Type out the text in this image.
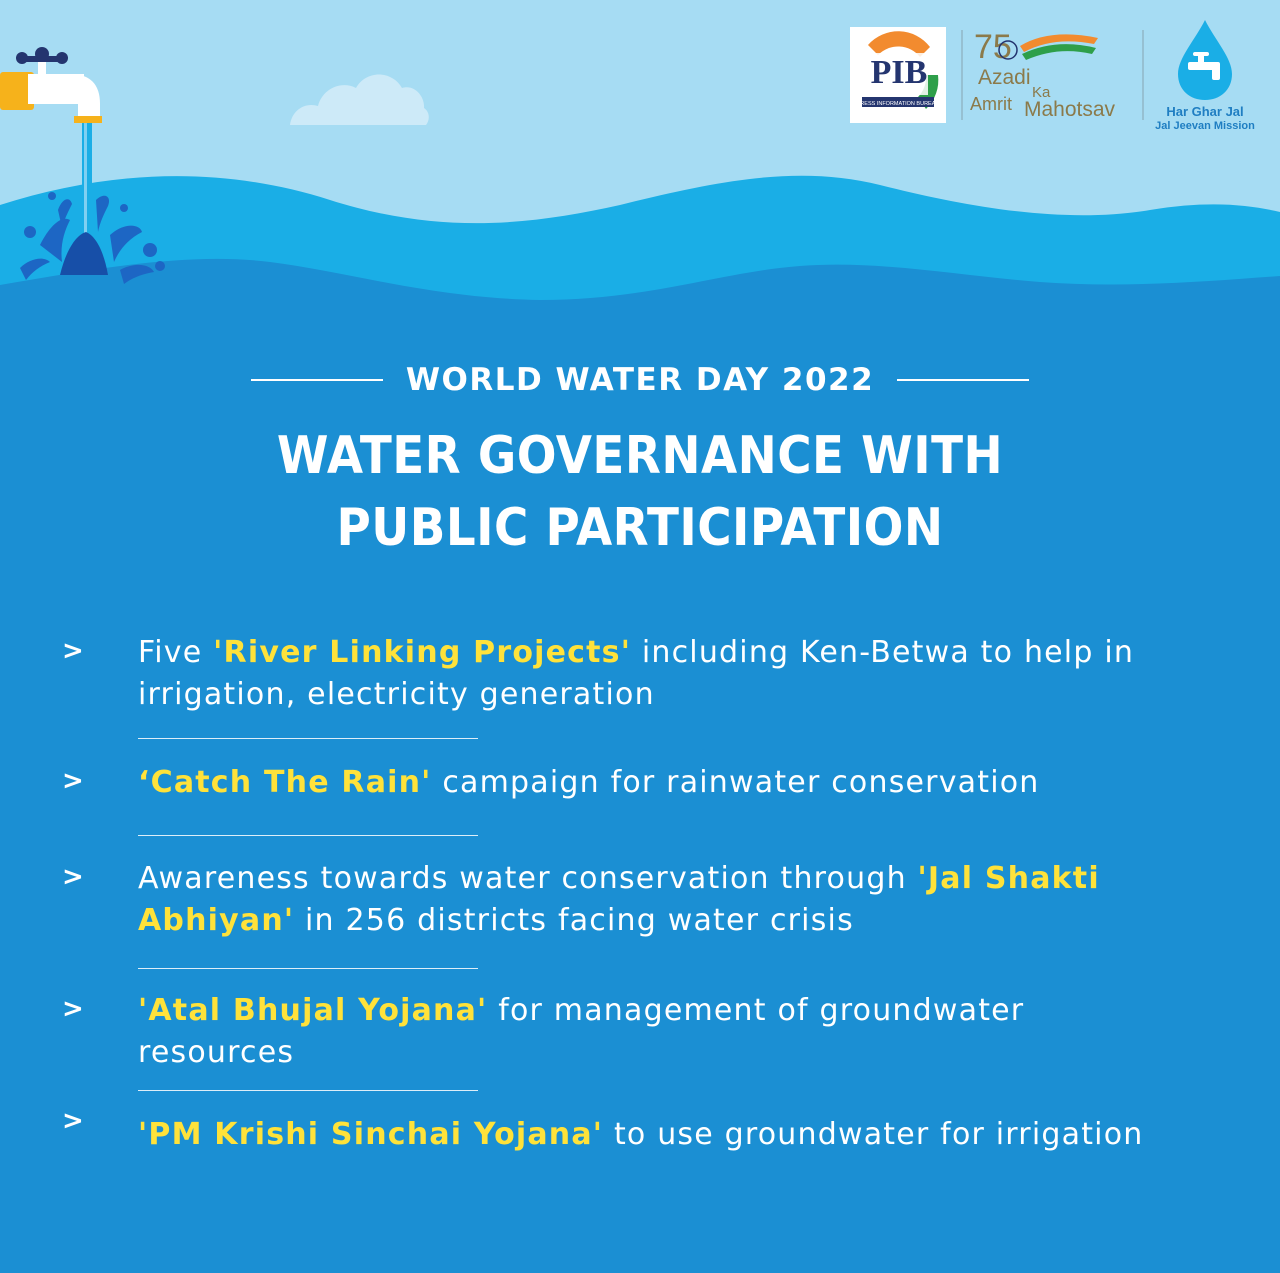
PIB
PRESS INFORMATION BUREAU
75
Azadi
Ka
Amrit Mahotsav	Har Ghar Jal
Jal Jeevan Mission
WORLD WATER DAY 2022
WATER GOVERNANCE WITH PUBLIC PARTICIPATION
> Five 'River Linking Projects' including Ken-Betwa to help in irrigation, electricity generation
> ‘Catch The Rain' campaign for rainwater conservation
> Awareness towards water conservation through 'Jal Shakti Abhiyan' in 256 districts facing water crisis
> 'Atal Bhujal Yojana' for management of groundwater resources
> 'PM Krishi Sinchai Yojana' to use groundwater for irrigation
